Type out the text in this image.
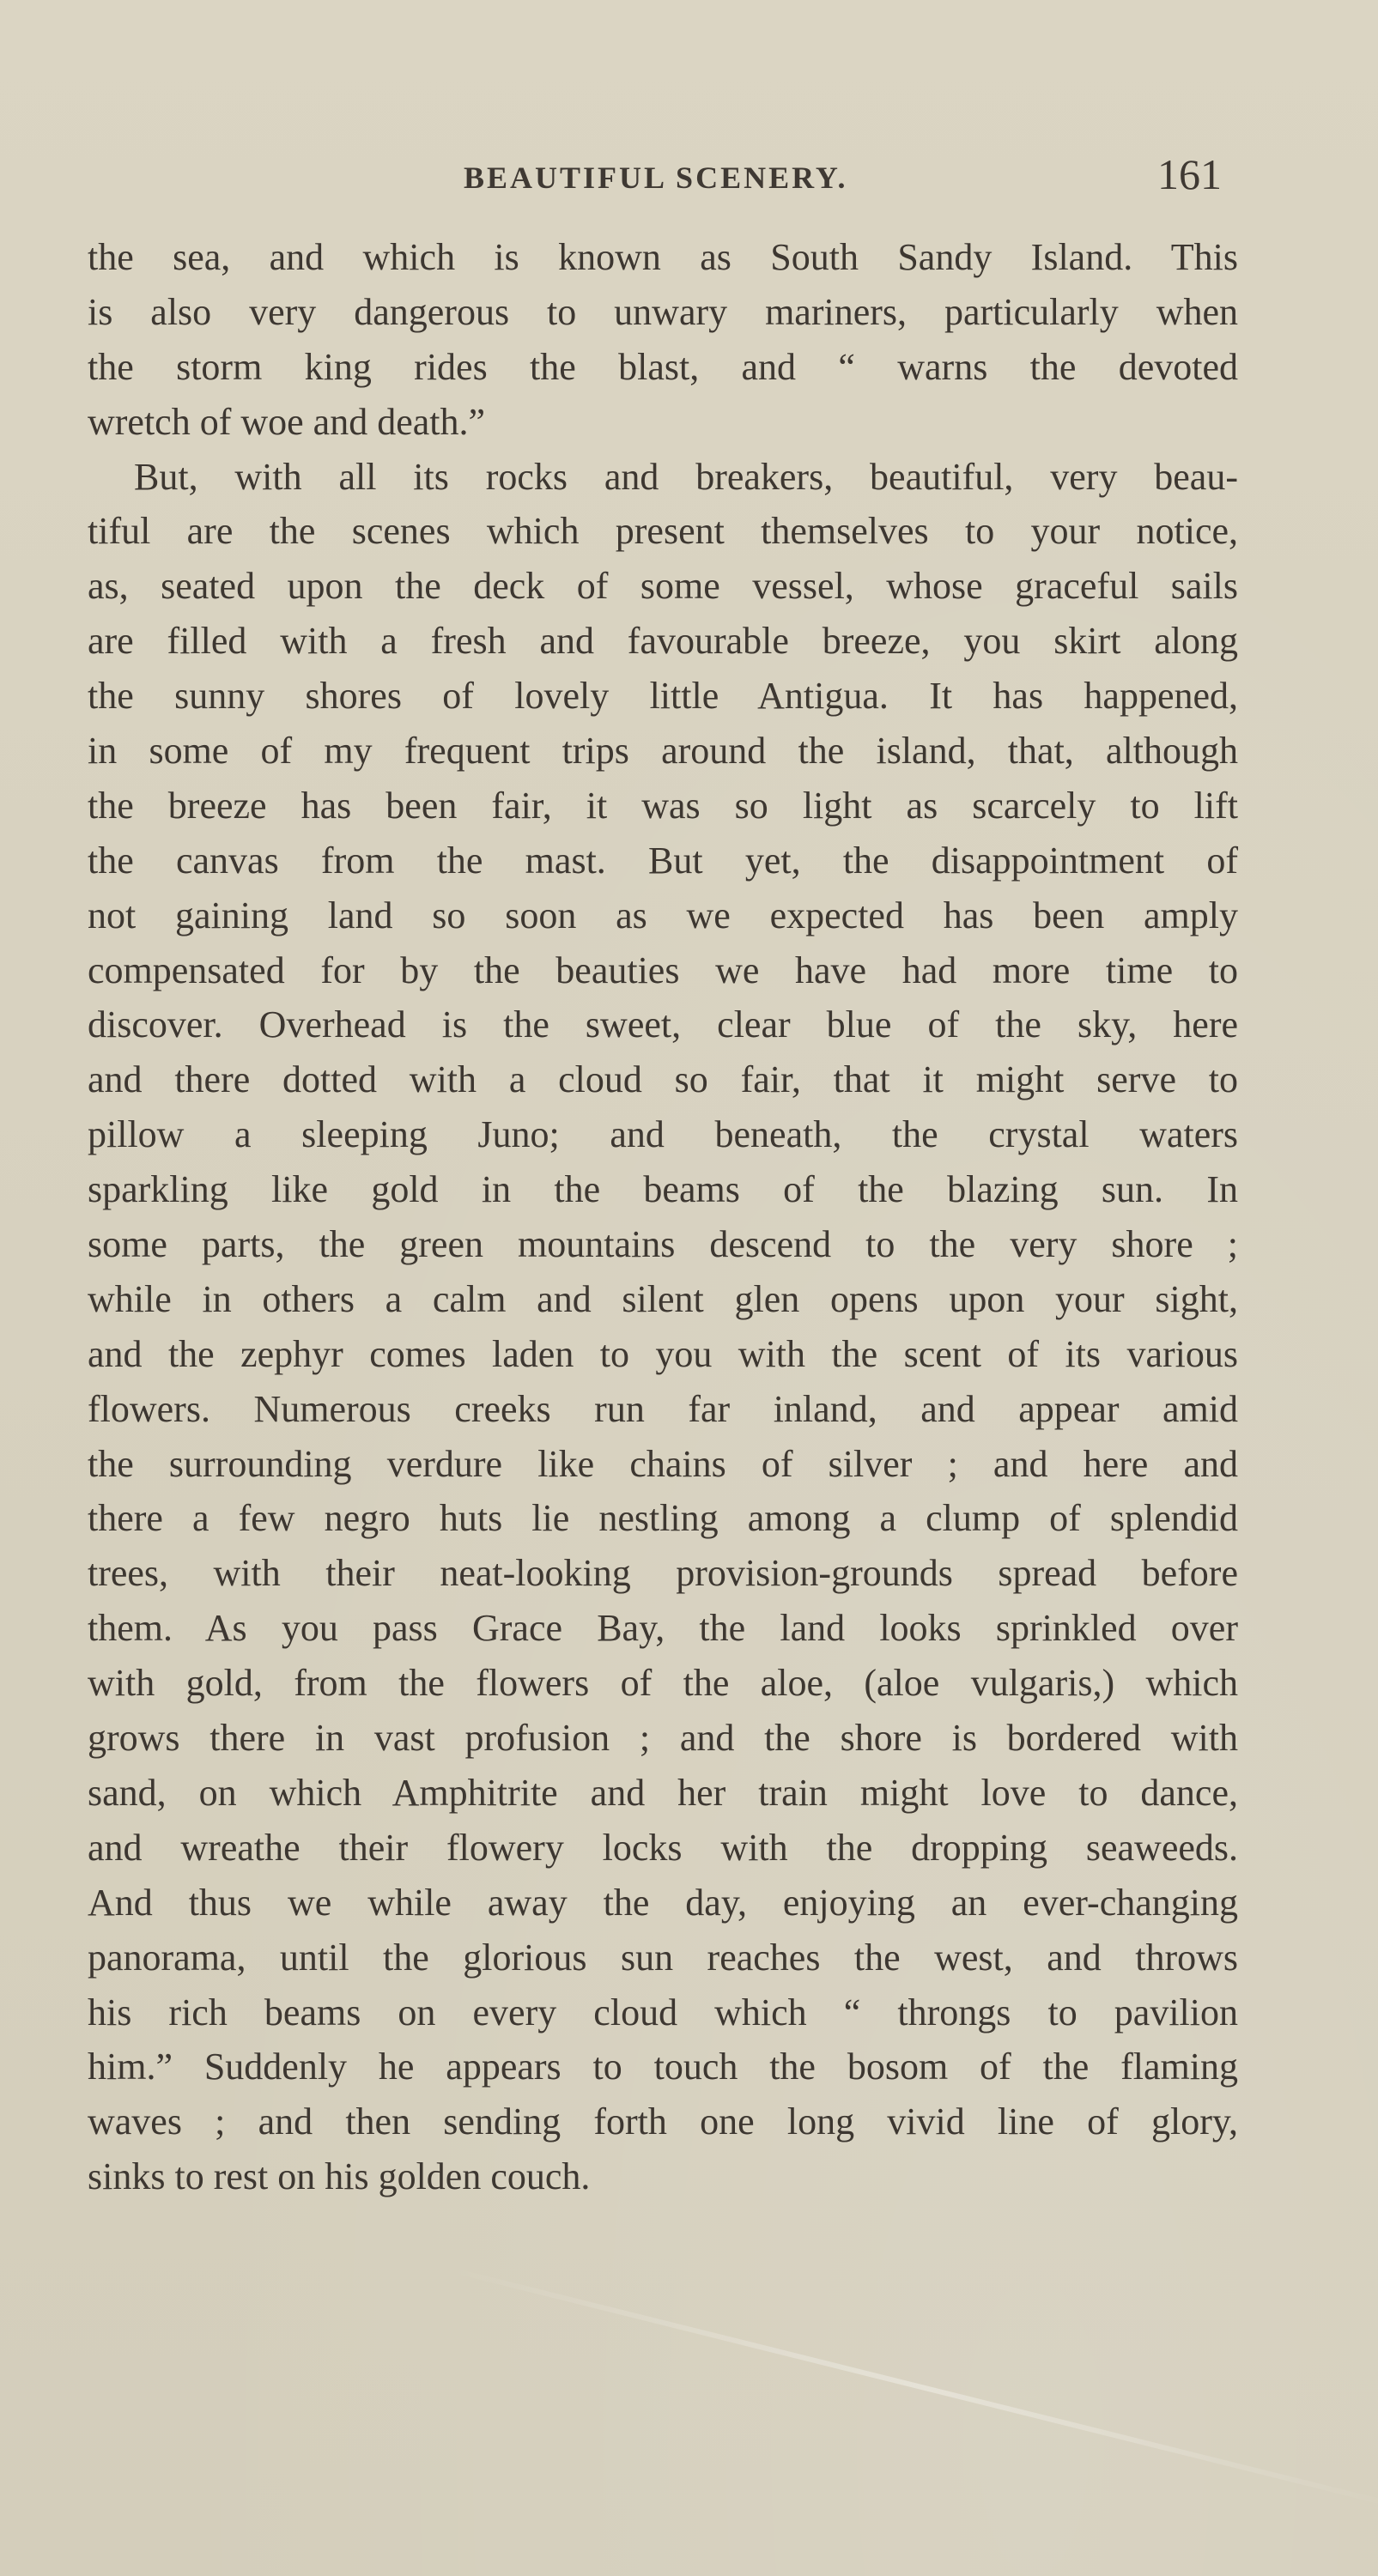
BEAUTIFUL SCENERY.	161
the sea, and which is known as South Sandy Island. This
is also very dangerous to unwary mariners, particularly when
the storm king rides the blast, and “ warns the devoted
wretch of woe and death.”
But, with all its rocks and breakers, beautiful, very beau-
tiful are the scenes which present themselves to your notice,
as, seated upon the deck of some vessel, whose graceful sails
are filled with a fresh and favourable breeze, you skirt along
the sunny shores of lovely little Antigua. It has happened,
in some of my frequent trips around the island, that, although
the breeze has been fair, it was so light as scarcely to lift
the canvas from the mast. But yet, the disappointment of
not gaining land so soon as we expected has been amply
compensated for by the beauties we have had more time to
discover. Overhead is the sweet, clear blue of the sky, here
and there dotted with a cloud so fair, that it might serve to
pillow a sleeping Juno; and beneath, the crystal waters
sparkling like gold in the beams of the blazing sun. In
some parts, the green mountains descend to the very shore ;
while in others a calm and silent glen opens upon your sight,
and the zephyr comes laden to you with the scent of its various
flowers. Numerous creeks run far inland, and appear amid
the surrounding verdure like chains of silver ; and here and
there a few negro huts lie nestling among a clump of splendid
trees, with their neat-looking provision-grounds spread before
them. As you pass Grace Bay, the land looks sprinkled over
with gold, from the flowers of the aloe, (aloe vulgaris,) which
grows there in vast profusion ; and the shore is bordered with
sand, on which Amphitrite and her train might love to dance,
and wreathe their flowery locks with the dropping seaweeds.
And thus we while away the day, enjoying an ever-changing
panorama, until the glorious sun reaches the west, and throws
his rich beams on every cloud which “ throngs to pavilion
him.” Suddenly he appears to touch the bosom of the flaming
waves ; and then sending forth one long vivid line of glory,
sinks to rest on his golden couch.
